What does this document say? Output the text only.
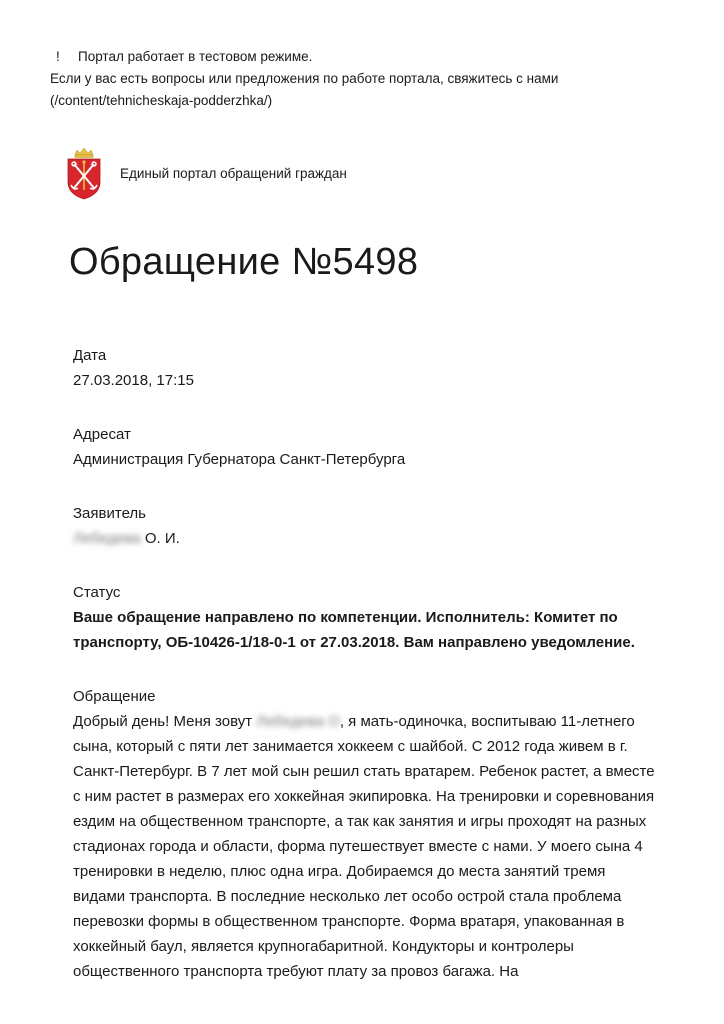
!	Портал работает в тестовом режиме.
Если у вас есть вопросы или предложения по работе портала, свяжитесь с нами
(/content/tehnicheskaja-podderzhka/)
Единый портал обращений граждан
Обращение №5498
Дата
27.03.2018, 17:15
Адресат
Администрация Губернатора Санкт-Петербурга
Заявитель
Лебедева О. И.
Статус
Ваше обращение направлено по компетенции. Исполнитель: Комитет по транспорту, ОБ-10426-1/18-0-1 от 27.03.2018. Вам направлено уведомление.
Обращение
Добрый день! Меня зовут Лебедева О, я мать-одиночка, воспитываю 11-летнего сына, который с пяти лет занимается хоккеем с шайбой. С 2012 года живем в г. Санкт-Петербург. В 7 лет мой сын решил стать вратарем. Ребенок растет, а вместе с ним растет в размерах его хоккейная экипировка. На тренировки и соревнования ездим на общественном транспорте, а так как занятия и игры проходят на разных стадионах города и области, форма путешествует вместе с нами. У моего сына 4 тренировки в неделю, плюс одна игра. Добираемся до места занятий тремя видами транспорта. В последние несколько лет особо острой стала проблема перевозки формы в общественном транспорте. Форма вратаря, упакованная в хоккейный баул, является крупногабаритной. Кондукторы и контролеры общественного транспорта требуют плату за провоз багажа. На
